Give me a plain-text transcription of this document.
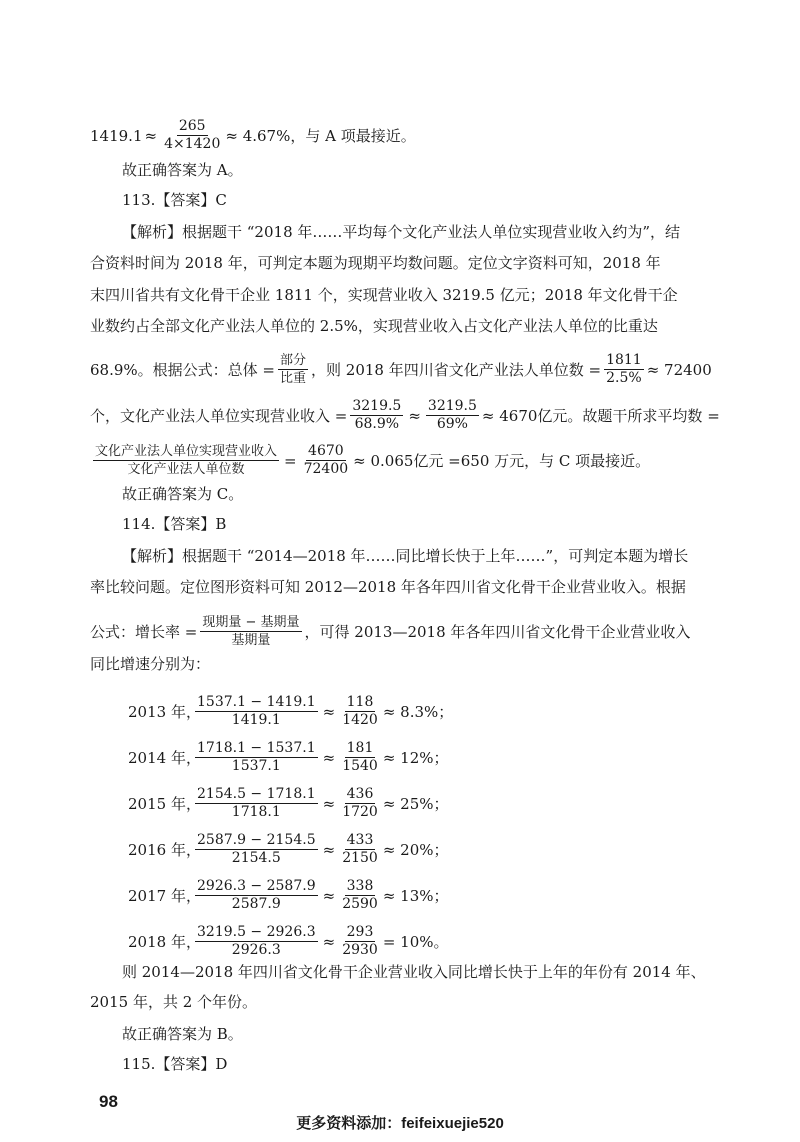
$1419.1 \approx \frac{265}{4\times 1420} \approx 4.67\%$， 与 A 项最接近。
故正确答案为 A。
113.【答案】C
【解析】根据题干 “2018 年……平均每个文化产业法人单位实现营业收入约为”，结
合资料时间为 2018 年，可判定本题为现期平均数问题。定位文字资料可知，2018 年
末四川省共有文化骨干企业 1811 个，实现营业收入 3219.5 亿元；2018 年文化骨干企
业数约占全部文化产业法人单位的 2.5%，实现营业收入占文化产业法人单位的比重达
68.9%。根据公式：总体 = $\frac{\text{部分}}{\text{比重}}$ ，则 2018 年四川省文化产业法人单位数 = $\frac{1811}{2.5\%} \approx 72400$
个，文化产业法人单位实现营业收入 = $\frac{3219.5}{68.9\%} \approx \frac{3219.5}{69\%} \approx 4670$亿元。故题干所求平均数 =
$\frac{\text{文化产业法人单位实现营业收入}}{\text{文化产业法人单位数}} = \frac{4670}{72400} \approx 0.065$亿元 =650 万元，与 C 项最接近。
故正确答案为 C。
114.【答案】B
【解析】根据题干 “2014—2018 年……同比增长快于上年……”，可判定本题为增长
率比较问题。定位图形资料可知 2012—2018 年各年四川省文化骨干企业营业收入。根据
公式：增长率 = $\frac{\text{现期量 − 基期量}}{\text{基期量}}$ ，可得 2013—2018 年各年四川省文化骨干企业营业收入
同比增速分别为：
2013 年，
$\frac{1537.1 - 1419.1}{1419.1} \approx \frac{118}{1420} \approx 8.3\%$；
2014 年，
$\frac{1718.1 - 1537.1}{1537.1} \approx \frac{181}{1540} \approx 12\%$；
2015 年，
$\frac{2154.5 - 1718.1}{1718.1} \approx \frac{436}{1720} \approx 25\%$；
2016 年，
$\frac{2587.9 - 2154.5}{2154.5} \approx \frac{433}{2150} \approx 20\%$；
2017 年，
$\frac{2926.3 - 2587.9}{2587.9} \approx \frac{338}{2590} \approx 13\%$；
2018 年，
$\frac{3219.5 - 2926.3}{2926.3} \approx \frac{293}{2930} = 10\%$。
则 2014—2018 年四川省文化骨干企业营业收入同比增长快于上年的年份有 2014 年、
2015 年，共 2 个年份。
故正确答案为 B。
115.【答案】D
98
更多资料添加：feifeixuejie520
